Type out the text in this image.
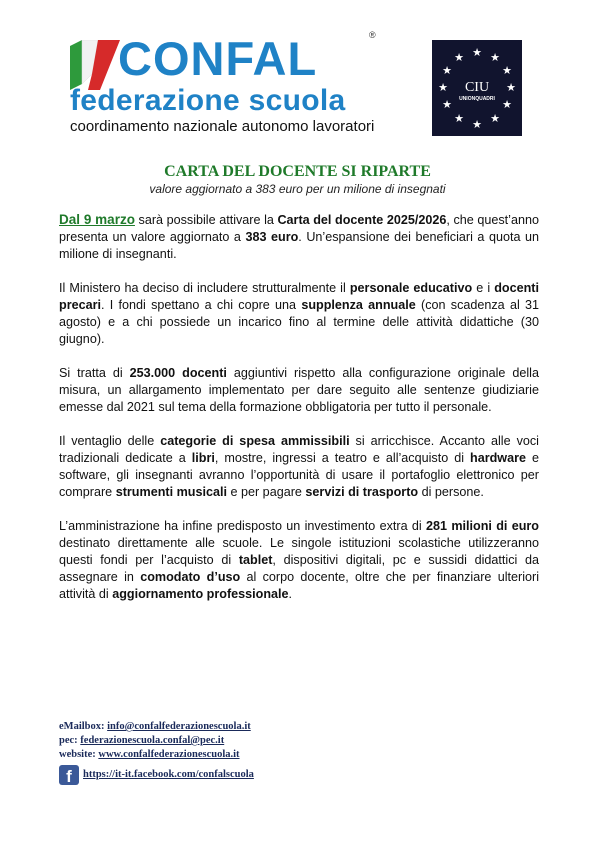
CONFAL	®
federazione scuola
coordinamento nazionale autonomo lavoratori
★ ★
★
★
★
★
★
★
★
★
★
★
CIU
UNIONQUADRI
CARTA DEL DOCENTE SI RIPARTE
valore aggiornato a 383 euro per un milione di insegnati

Dal 9 marzo sarà possibile attivare la Carta del docente 2025/2026, che quest’anno presenta un valore aggiornato a 383 euro. Un’espansione dei beneficiari a quota un milione di insegnanti.

Il Ministero ha deciso di includere strutturalmente il personale educativo e i docenti precari. I fondi spettano a chi copre una supplenza annuale (con scadenza al 31 agosto) e a chi possiede un incarico fino al termine delle attività didattiche (30 giugno).

Si tratta di 253.000 docenti aggiuntivi rispetto alla configurazione originale della misura, un allargamento implementato per dare seguito alle sentenze giudiziarie emesse dal 2021 sul tema della formazione obbligatoria per tutto il personale.

Il ventaglio delle categorie di spesa ammissibili si arricchisce. Accanto alle voci tradizionali dedicate a libri, mostre, ingressi a teatro e all’acquisto di hardware e software, gli insegnanti avranno l’opportunità di usare il portafoglio elettronico per comprare strumenti musicali e per pagare servizi di trasporto di persone.

L’amministrazione ha infine predisposto un investimento extra di 281 milioni di euro destinato direttamente alle scuole. Le singole istituzioni scolastiche utilizzeranno questi fondi per l’acquisto di tablet, dispositivi digitali, pc e sussidi didattici da assegnare in comodato d’uso al corpo docente, oltre che per finanziare ulteriori attività di aggiornamento professionale.

eMailbox: info@confalfederazionescuola.it
pec: federazionescuola.confal@pec.it
website: www.confalfederazionescuola.it
f	https://it-it.facebook.com/confalscuola
